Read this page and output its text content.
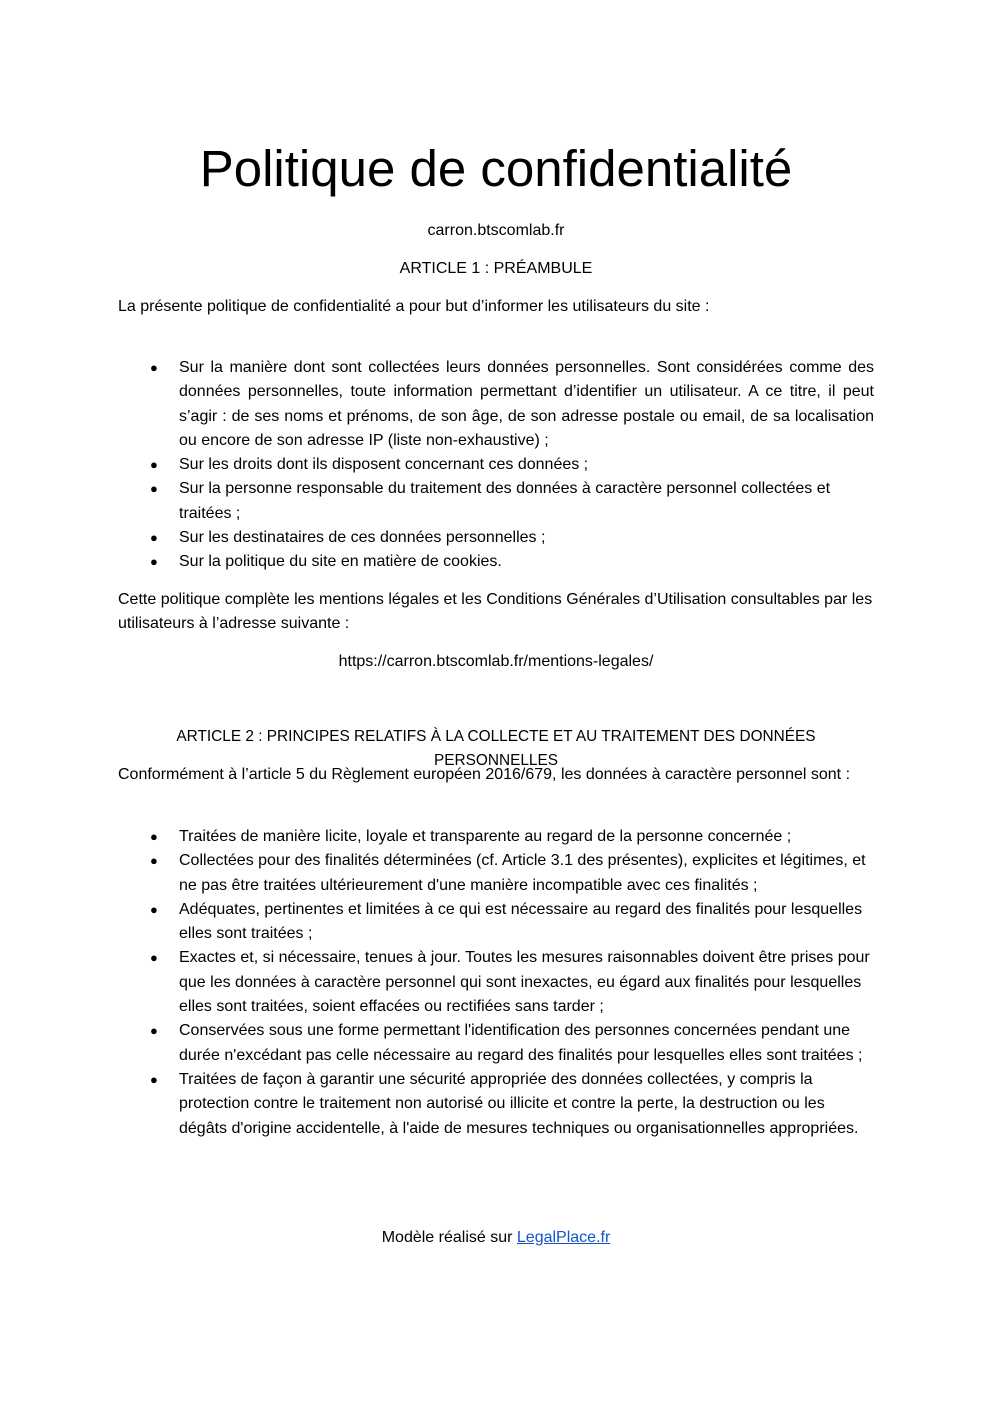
Politique de confidentialité

carron.btscomlab.fr

ARTICLE 1 : PRÉAMBULE

La présente politique de confidentialité a pour but d’informer les utilisateurs du site :

● Sur la manière dont sont collectées leurs données personnelles. Sont considérées comme des données personnelles, toute information permettant d’identifier un utilisateur. A ce titre, il peut s’agir : de ses noms et prénoms, de son âge, de son adresse postale ou email, de sa localisation ou encore de son adresse IP (liste non-exhaustive) ;
● Sur les droits dont ils disposent concernant ces données ;
● Sur la personne responsable du traitement des données à caractère personnel collectées et traitées ;
● Sur les destinataires de ces données personnelles ;
● Sur la politique du site en matière de cookies.

Cette politique complète les mentions légales et les Conditions Générales d’Utilisation consultables par les utilisateurs à l’adresse suivante :

https://carron.btscomlab.fr/mentions-legales/

ARTICLE 2 : PRINCIPES RELATIFS À LA COLLECTE ET AU TRAITEMENT DES DONNÉES PERSONNELLES

Conformément à l’article 5 du Règlement européen 2016/679, les données à caractère personnel sont :

● Traitées de manière licite, loyale et transparente au regard de la personne concernée ;
● Collectées pour des finalités déterminées (cf. Article 3.1 des présentes), explicites et légitimes, et ne pas être traitées ultérieurement d'une manière incompatible avec ces finalités ;
● Adéquates, pertinentes et limitées à ce qui est nécessaire au regard des finalités pour lesquelles elles sont traitées ;
● Exactes et, si nécessaire, tenues à jour. Toutes les mesures raisonnables doivent être prises pour que les données à caractère personnel qui sont inexactes, eu égard aux finalités pour lesquelles elles sont traitées, soient effacées ou rectifiées sans tarder ;
● Conservées sous une forme permettant l'identification des personnes concernées pendant une durée n'excédant pas celle nécessaire au regard des finalités pour lesquelles elles sont traitées ;
● Traitées de façon à garantir une sécurité appropriée des données collectées, y compris la protection contre le traitement non autorisé ou illicite et contre la perte, la destruction ou les dégâts d'origine accidentelle, à l'aide de mesures techniques ou organisationnelles appropriées.

Modèle réalisé sur LegalPlace.fr
